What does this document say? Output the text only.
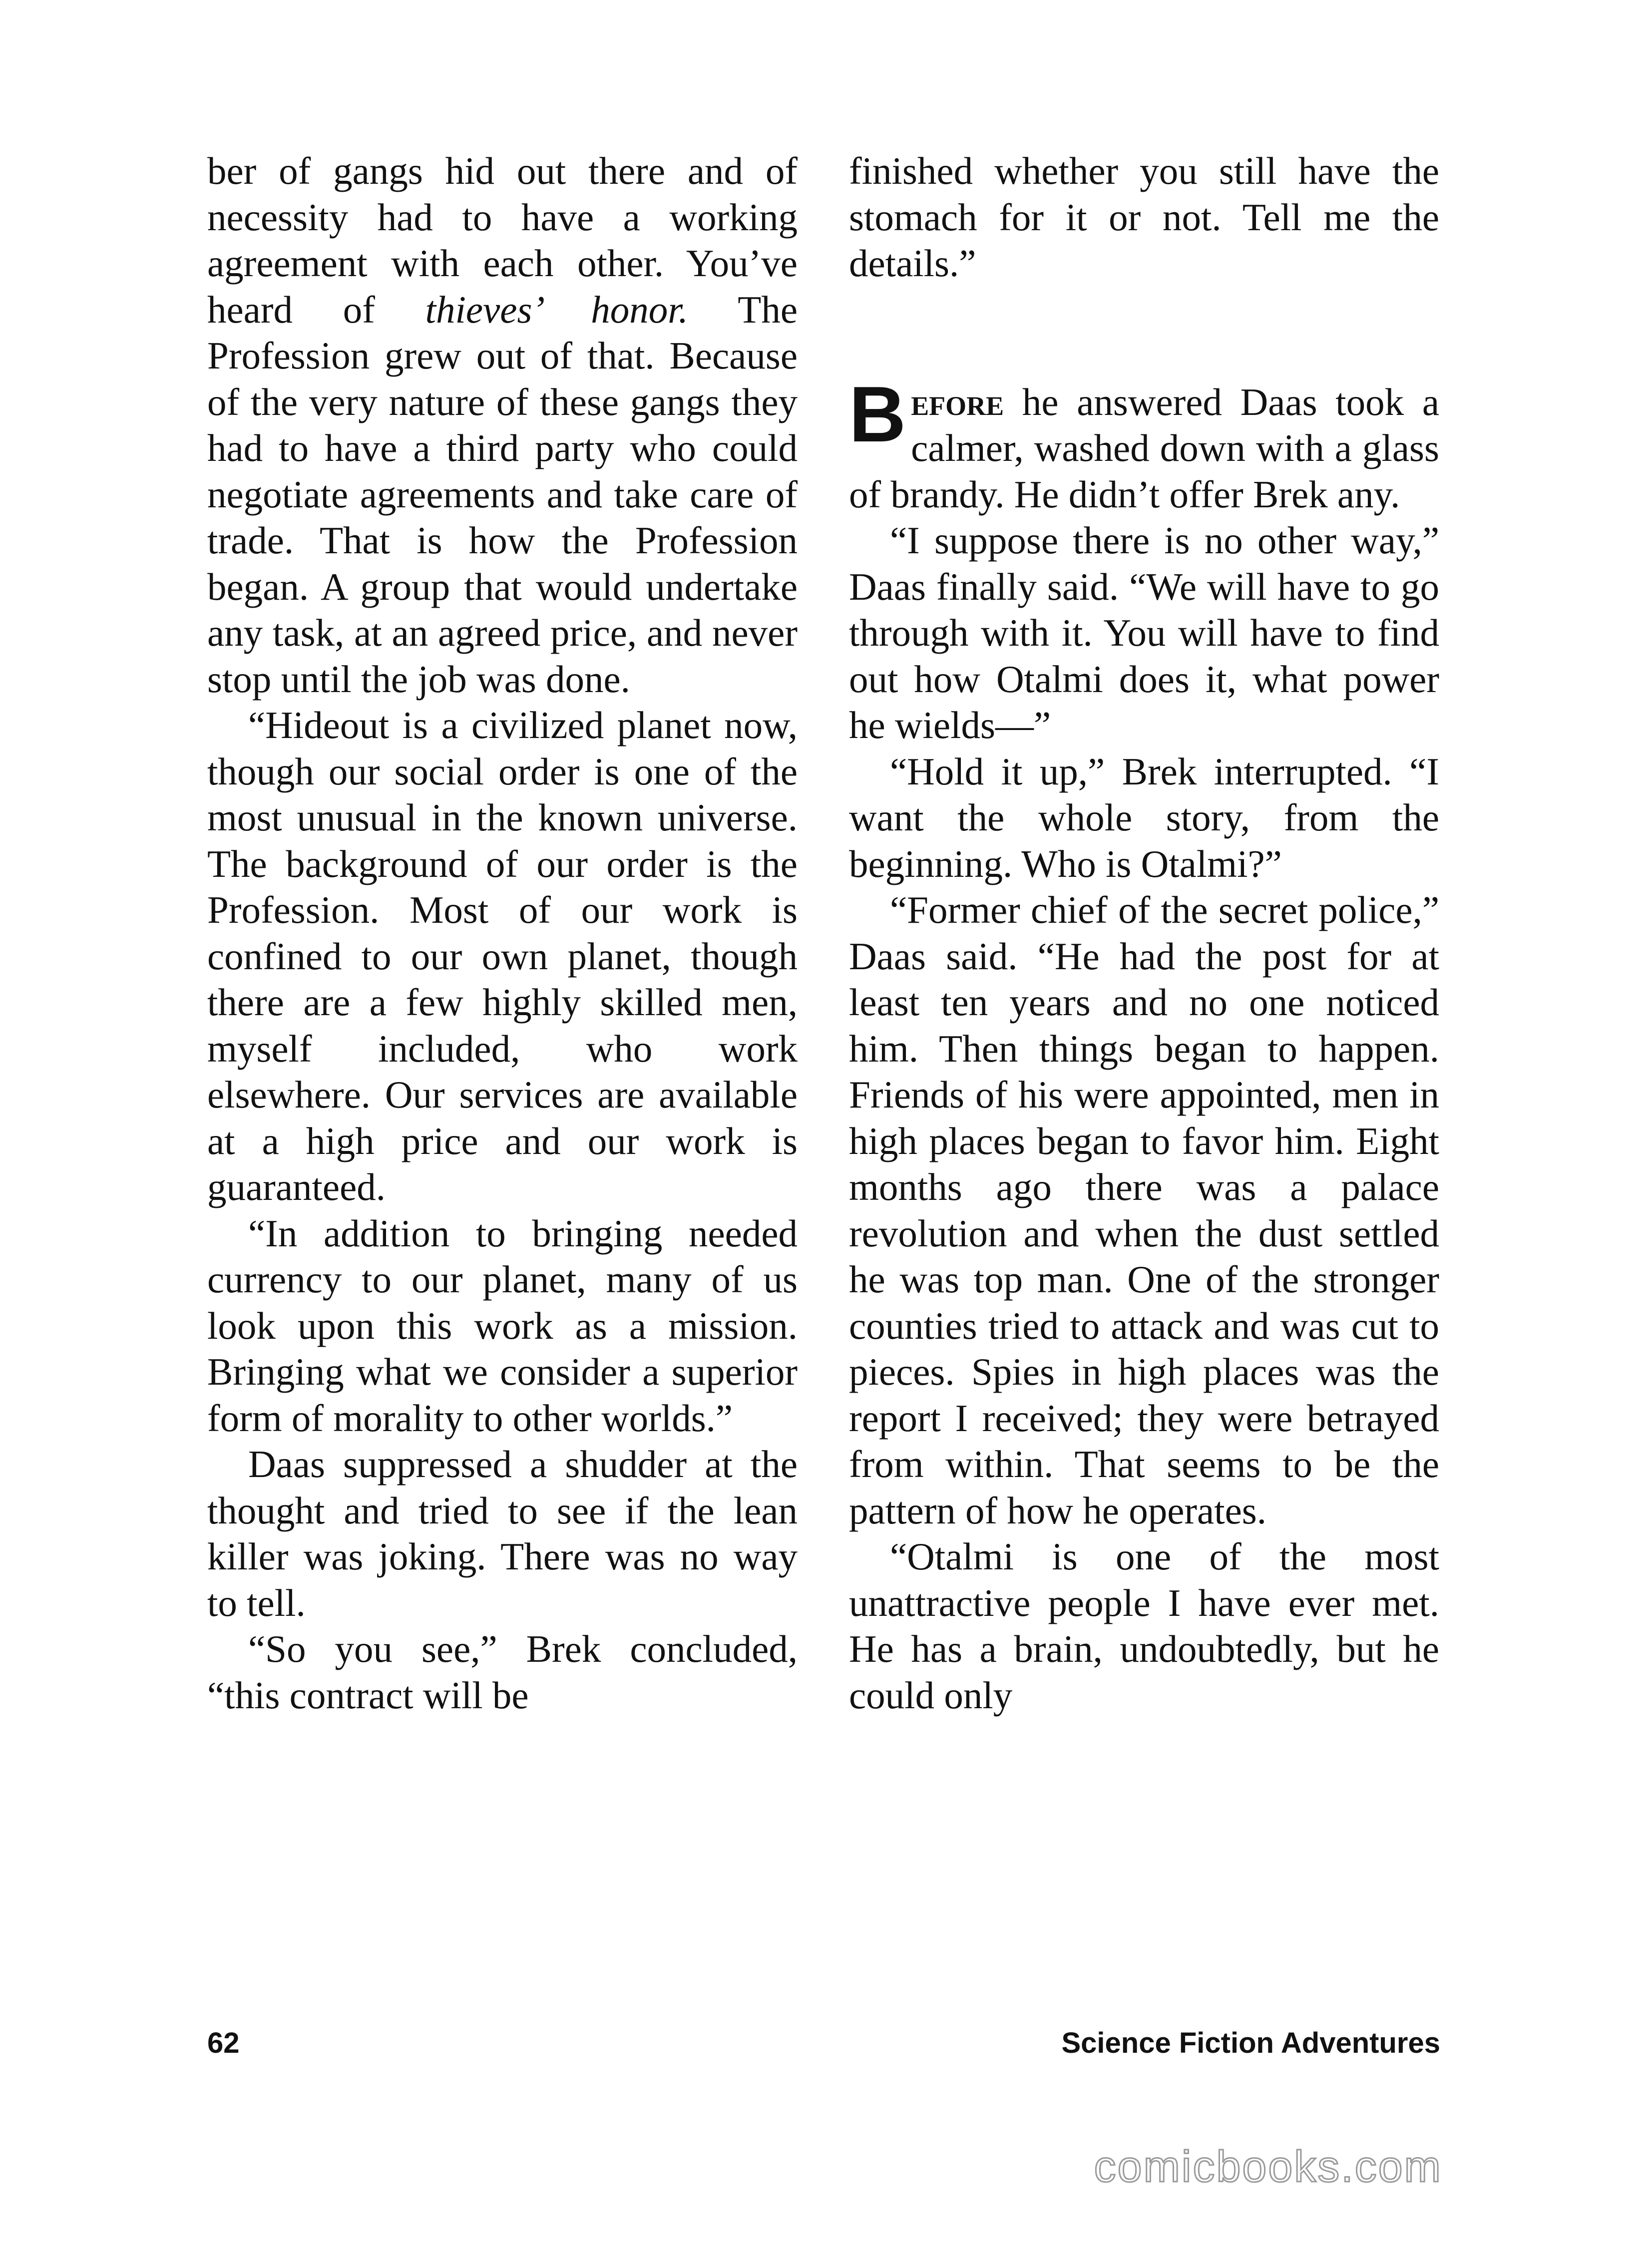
ber of gangs hid out there and of necessity had to have a working agreement with each other. You’ve heard of thieves’ honor. The Profession grew out of that. Because of the very nature of these gangs they had to have a third party who could negotiate agreements and take care of trade. That is how the Profession began. A group that would undertake any task, at an agreed price, and never stop until the job was done.

“Hideout is a civilized planet now, though our social order is one of the most unusual in the known universe. The background of our order is the Profession. Most of our work is confined to our own planet, though there are a few highly skilled men, myself included, who work elsewhere. Our services are available at a high price and our work is guaranteed.

“In addition to bringing needed currency to our planet, many of us look upon this work as a mission. Bringing what we consider a superior form of morality to other worlds.”

Daas suppressed a shudder at the thought and tried to see if the lean killer was joking. There was no way to tell.

“So you see,” Brek concluded, “this contract will be

finished whether you still have the stomach for it or not. Tell me the details.”

Before he answered Daas took a calmer, washed down with a glass of brandy. He didn’t offer Brek any.

“I suppose there is no other way,” Daas finally said. “We will have to go through with it. You will have to find out how Otalmi does it, what power he wields—”

“Hold it up,” Brek interrupted. “I want the whole story, from the beginning. Who is Otalmi?”

“Former chief of the secret police,” Daas said. “He had the post for at least ten years and no one noticed him. Then things began to happen. Friends of his were appointed, men in high places began to favor him. Eight months ago there was a palace revolution and when the dust settled he was top man. One of the stronger counties tried to attack and was cut to pieces. Spies in high places was the report I received; they were betrayed from within. That seems to be the pattern of how he operates.

“Otalmi is one of the most unattractive people I have ever met. He has a brain, undoubtedly, but he could only

62	Science Fiction Adventures
comicbooks.com
